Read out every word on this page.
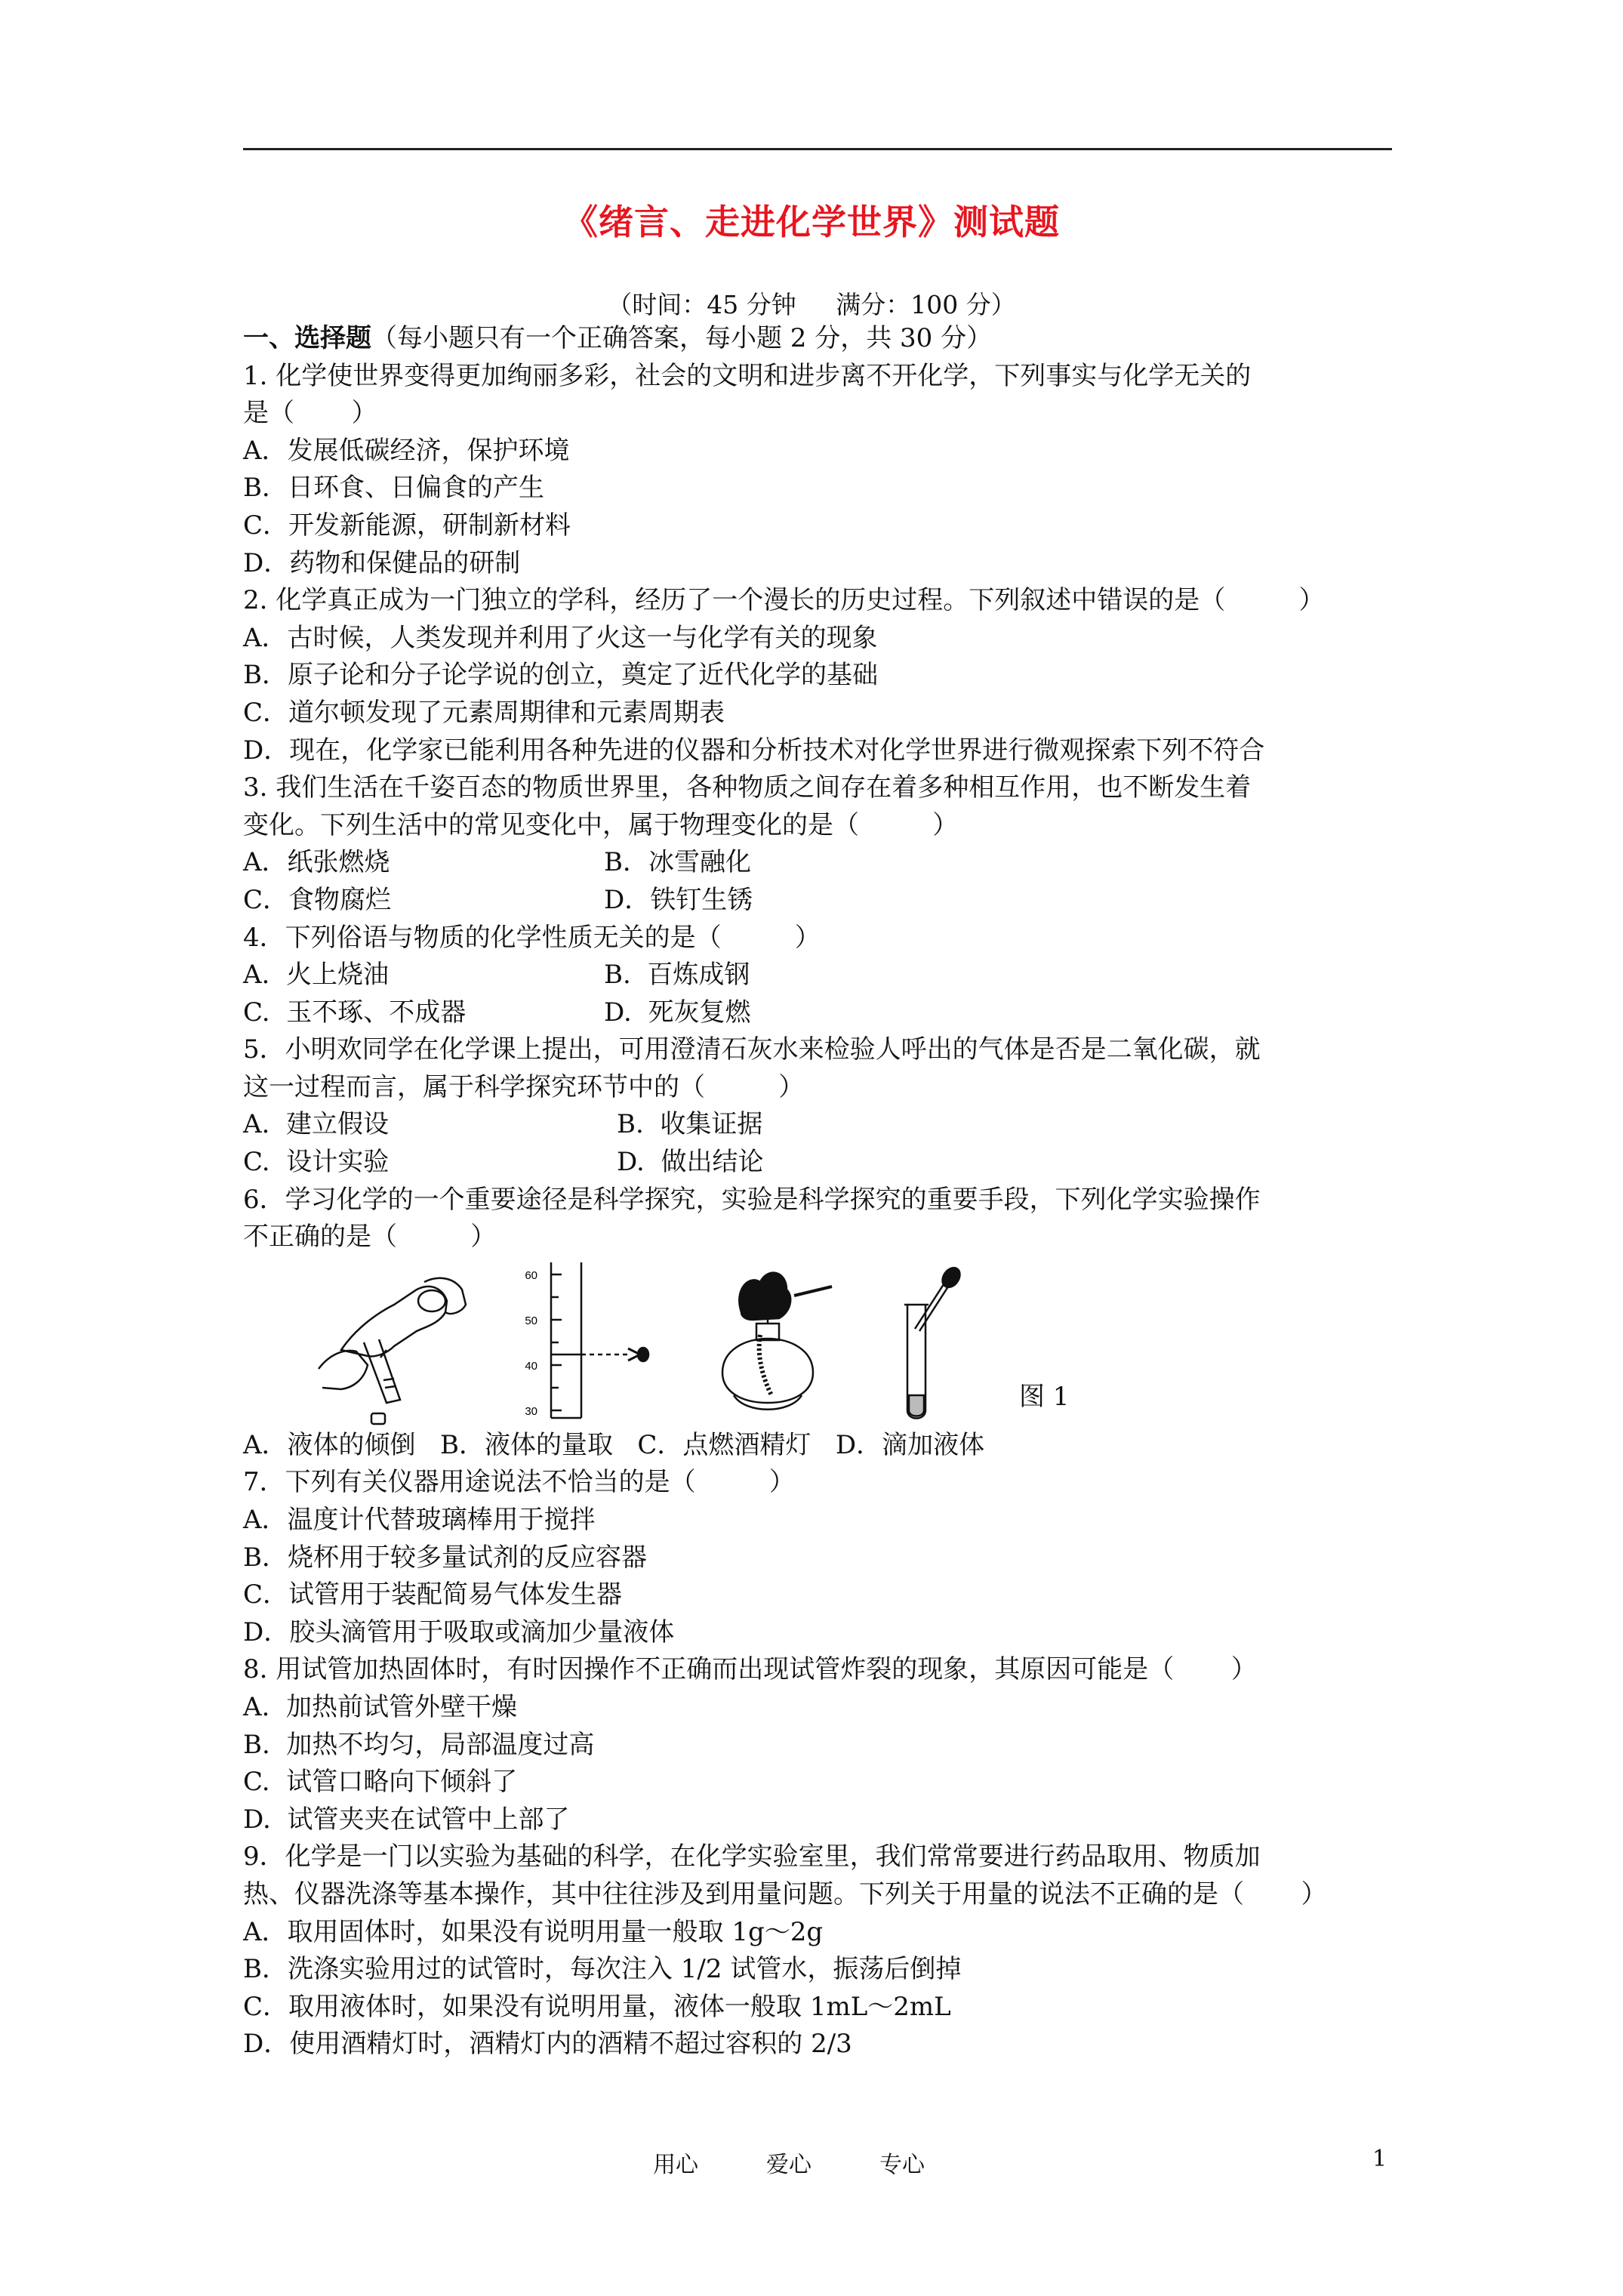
《绪言、走进化学世界》测试题
（时间：45 分钟     满分：100 分）
一、选择题（每小题只有一个正确答案，每小题 2 分，共 30 分）
1. 化学使世界变得更加绚丽多彩，社会的文明和进步离不开化学，下列事实与化学无关的
是（       ）
A．发展低碳经济，保护环境
B．日环食、日偏食的产生
C．开发新能源，研制新材料
D．药物和保健品的研制
2. 化学真正成为一门独立的学科，经历了一个漫长的历史过程。下列叙述中错误的是（         ）
A．古时候，人类发现并利用了火这一与化学有关的现象
B．原子论和分子论学说的创立，奠定了近代化学的基础
C．道尔顿发现了元素周期律和元素周期表
D．现在，化学家已能利用各种先进的仪器和分析技术对化学世界进行微观探索下列不符合
3. 我们生活在千姿百态的物质世界里，各种物质之间存在着多种相互作用，也不断发生着
变化。下列生活中的常见变化中，属于物理变化的是（         ）
A．纸张燃烧	B．冰雪融化
C．食物腐烂	D．铁钉生锈
4．下列俗语与物质的化学性质无关的是（         ）
A.  火上烧油	B.  百炼成钢
C.  玉不琢、不成器	D.  死灰复燃
5．小明欢同学在化学课上提出，可用澄清石灰水来检验人呼出的气体是否是二氧化碳，就
这一过程而言，属于科学探究环节中的（         ）
A.  建立假设	B.  收集证据
C.  设计实验	D.  做出结论
6．学习化学的一个重要途径是科学探究，实验是科学探究的重要手段，下列化学实验操作
不正确的是（         ）
60
50
40
30	图 1
A．液体的倾倒   B．液体的量取   C．点燃酒精灯   D．滴加液体
7．下列有关仪器用途说法不恰当的是（         ）
A．温度计代替玻璃棒用于搅拌
B．烧杯用于较多量试剂的反应容器
C．试管用于装配简易气体发生器
D．胶头滴管用于吸取或滴加少量液体
8. 用试管加热固体时，有时因操作不正确而出现试管炸裂的现象，其原因可能是（       ）
A.  加热前试管外壁干燥
B.  加热不均匀，局部温度过高
C.  试管口略向下倾斜了
D.  试管夹夹在试管中上部了
9．化学是一门以实验为基础的科学，在化学实验室里，我们常常要进行药品取用、物质加
热、仪器洗涤等基本操作，其中往往涉及到用量问题。下列关于用量的说法不正确的是（       ）
A．取用固体时，如果没有说明用量一般取 1g～2g
B．洗涤实验用过的试管时，每次注入 1/2 试管水，振荡后倒掉
C．取用液体时，如果没有说明用量，液体一般取 1mL～2mL
D．使用酒精灯时，酒精灯内的酒精不超过容积的 2/3
用心	爱心	专心	1
